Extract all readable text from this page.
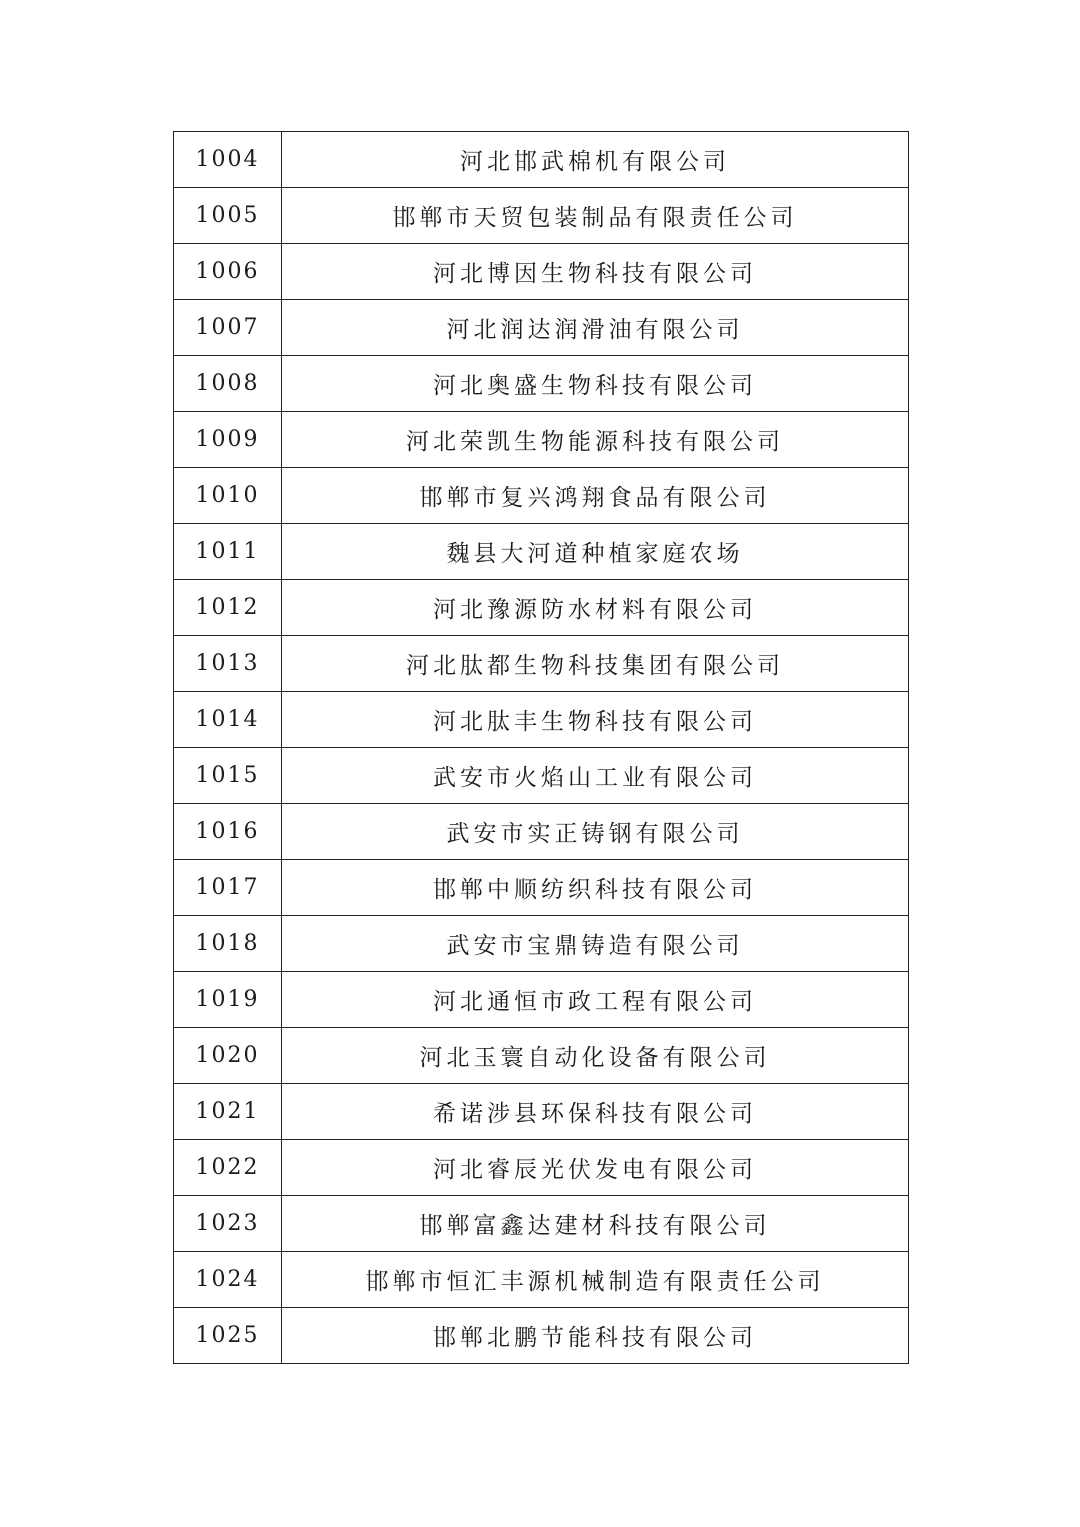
1004	河北邯武棉机有限公司
1005	邯郸市天贸包装制品有限责任公司
1006	河北博因生物科技有限公司
1007	河北润达润滑油有限公司
1008	河北奥盛生物科技有限公司
1009	河北荣凯生物能源科技有限公司
1010	邯郸市复兴鸿翔食品有限公司
1011	魏县大河道种植家庭农场
1012	河北豫源防水材料有限公司
1013	河北肽都生物科技集团有限公司
1014	河北肽丰生物科技有限公司
1015	武安市火焰山工业有限公司
1016	武安市实正铸钢有限公司
1017	邯郸中顺纺织科技有限公司
1018	武安市宝鼎铸造有限公司
1019	河北通恒市政工程有限公司
1020	河北玉寰自动化设备有限公司
1021	希诺涉县环保科技有限公司
1022	河北睿辰光伏发电有限公司
1023	邯郸富鑫达建材科技有限公司
1024	邯郸市恒汇丰源机械制造有限责任公司
1025	邯郸北鹏节能科技有限公司
